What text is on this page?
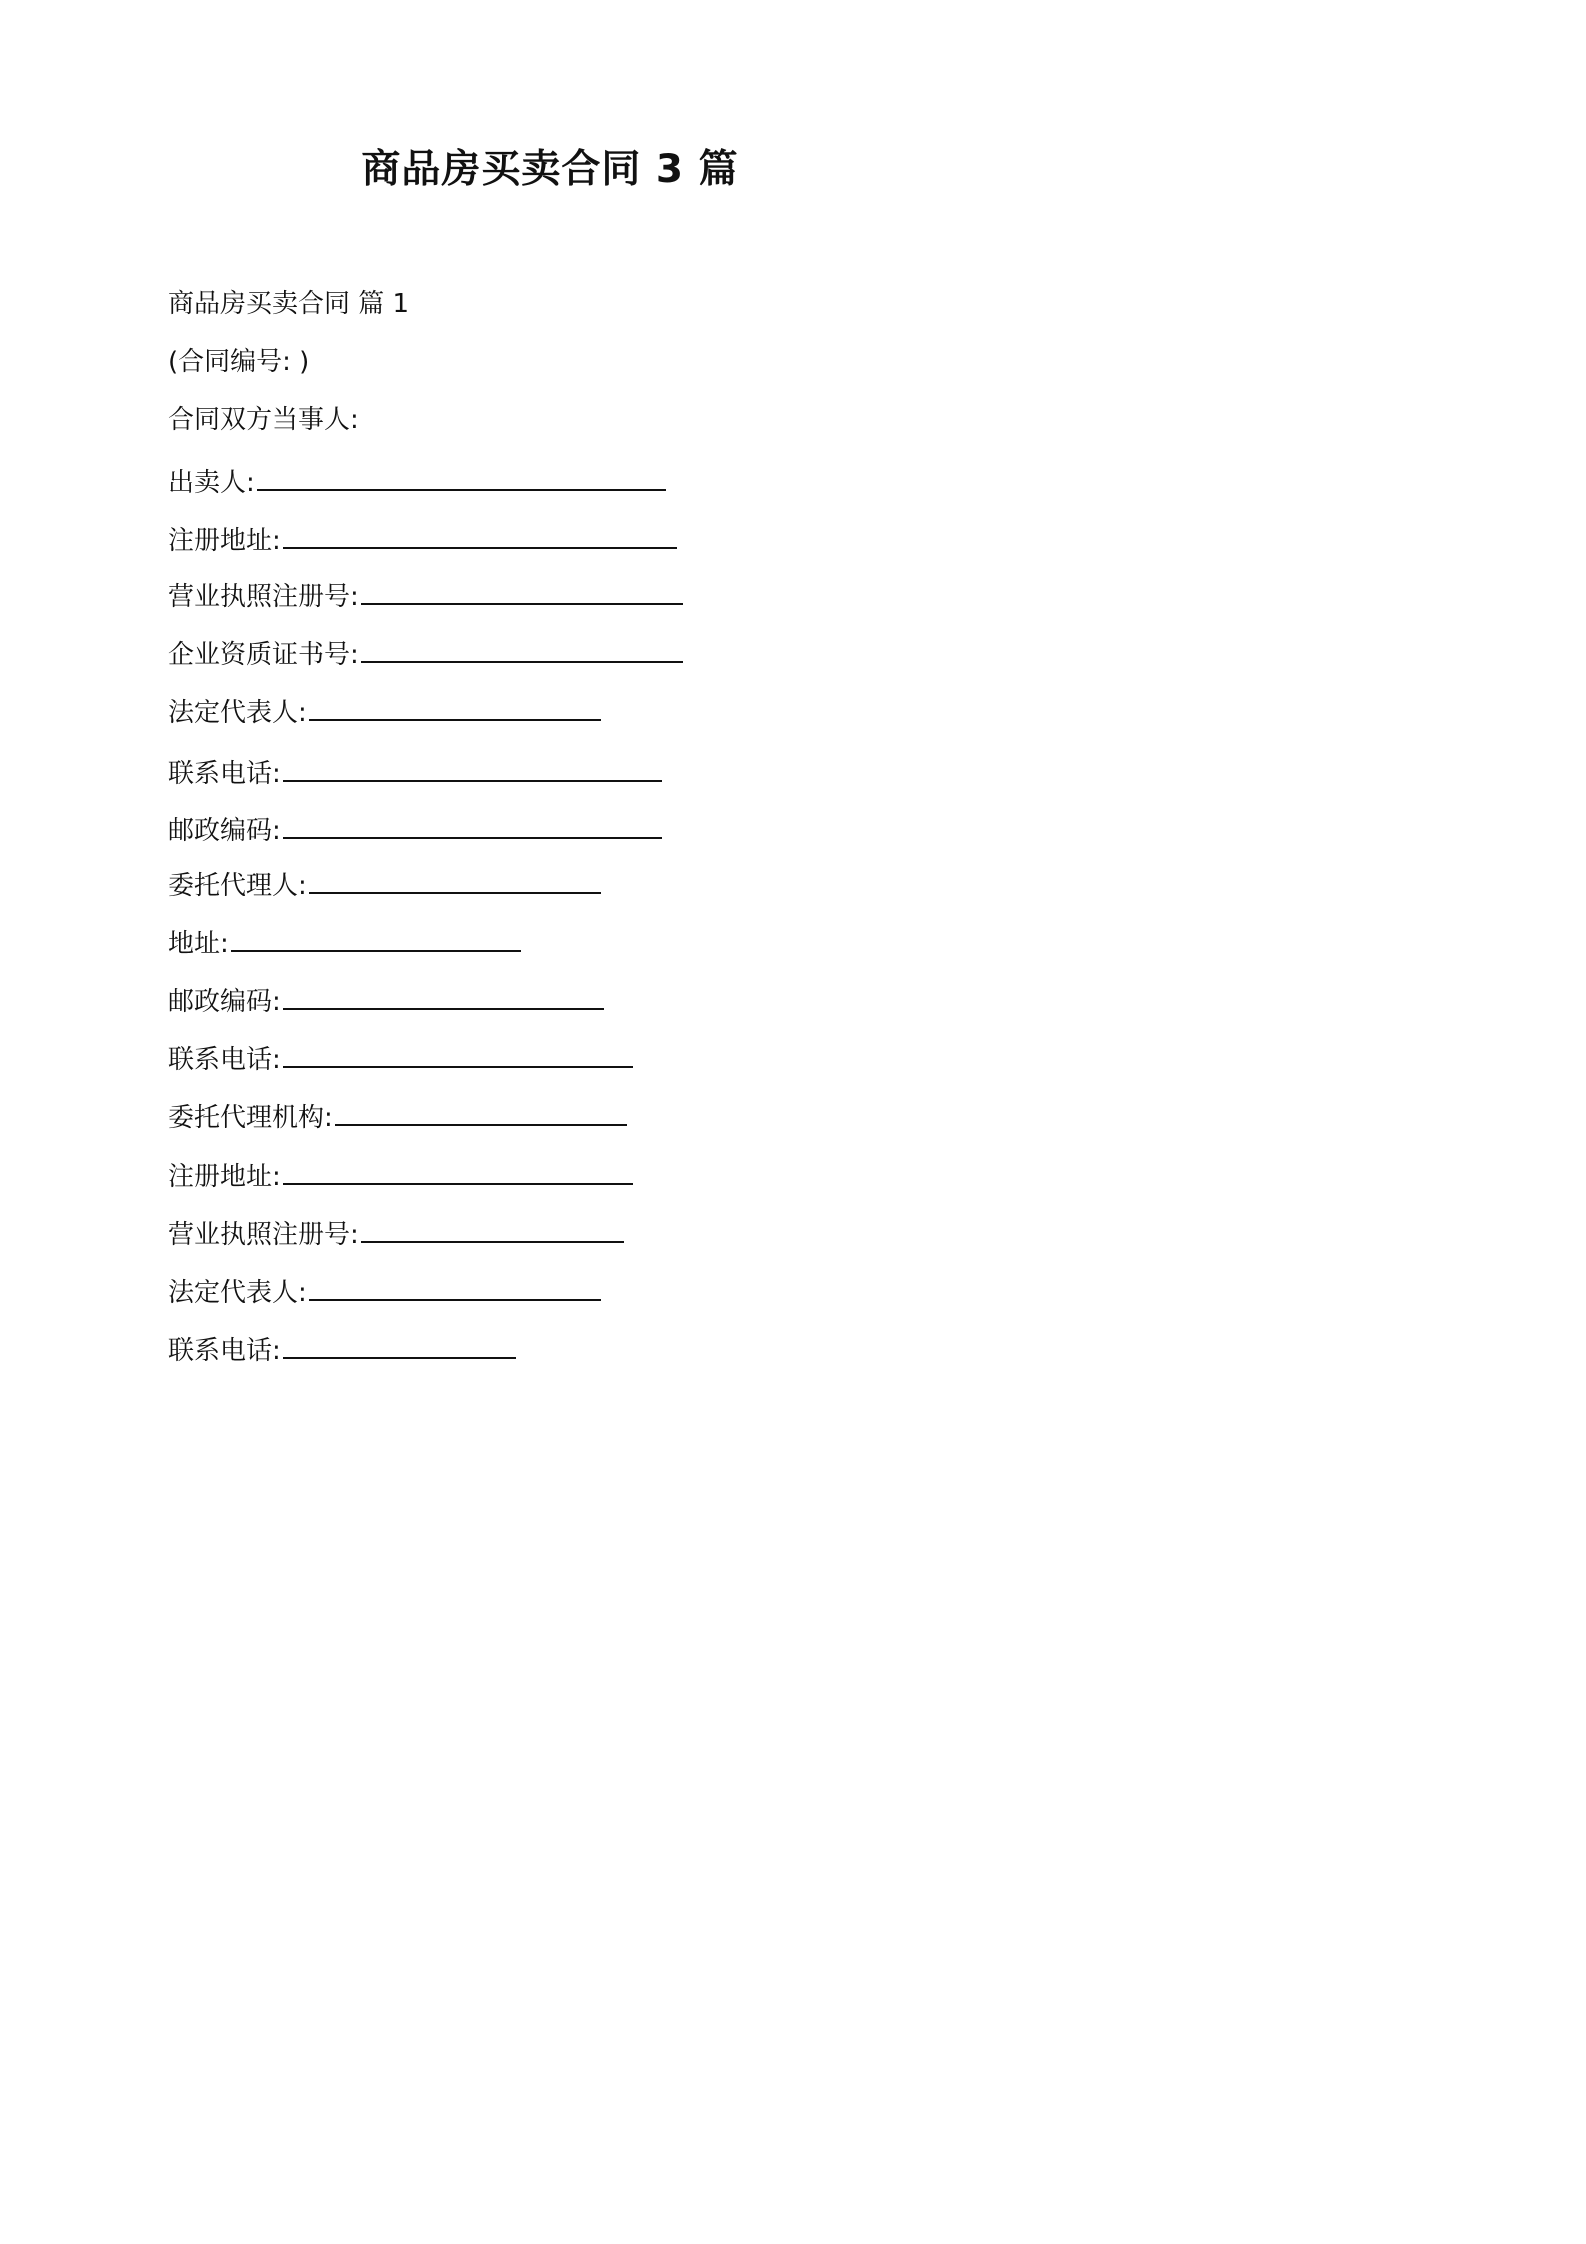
商品房买卖合同 3 篇
商品房买卖合同 篇 1
(合同编号: )
合同双方当事人:
出卖人:
注册地址:
营业执照注册号:
企业资质证书号:
法定代表人:
联系电话:
邮政编码:
委托代理人:
地址:
邮政编码:
联系电话:
委托代理机构:
注册地址:
营业执照注册号:
法定代表人:
联系电话:
